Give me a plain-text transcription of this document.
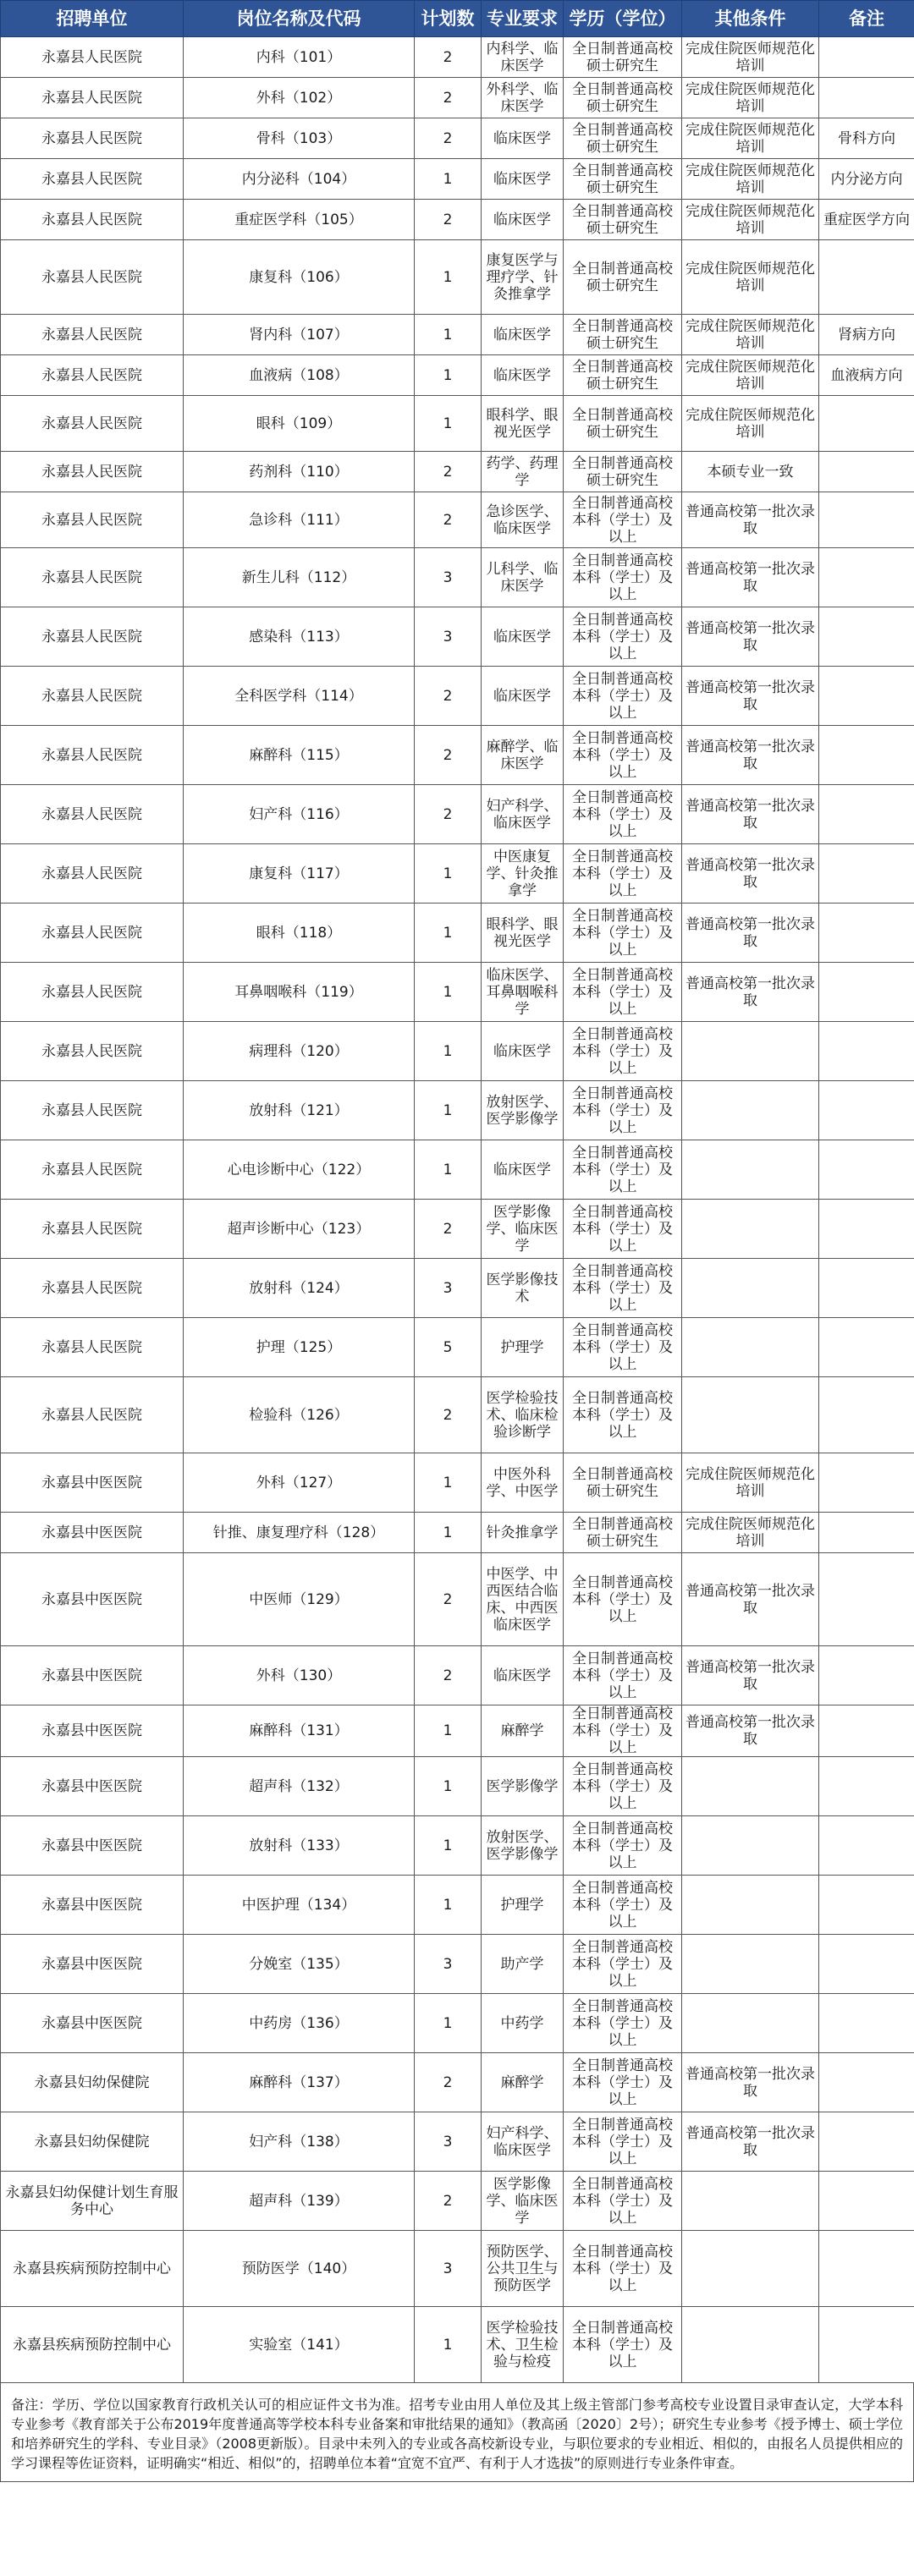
招聘单位	岗位名称及代码	计划数	专业要求	学历（学位）	其他条件	备注
永嘉县人民医院	内科（101）	2	内科学、临床医学	全日制普通高校硕士研究生	完成住院医师规范化培训	
永嘉县人民医院	外科（102）	2	外科学、临床医学	全日制普通高校硕士研究生	完成住院医师规范化培训	
永嘉县人民医院	骨科（103）	2	临床医学	全日制普通高校硕士研究生	完成住院医师规范化培训	骨科方向
永嘉县人民医院	内分泌科（104）	1	临床医学	全日制普通高校硕士研究生	完成住院医师规范化培训	内分泌方向
永嘉县人民医院	重症医学科（105）	2	临床医学	全日制普通高校硕士研究生	完成住院医师规范化培训	重症医学方向
永嘉县人民医院	康复科（106）	1	康复医学与理疗学、针灸推拿学	全日制普通高校硕士研究生	完成住院医师规范化培训	
永嘉县人民医院	肾内科（107）	1	临床医学	全日制普通高校硕士研究生	完成住院医师规范化培训	肾病方向
永嘉县人民医院	血液病（108）	1	临床医学	全日制普通高校硕士研究生	完成住院医师规范化培训	血液病方向
永嘉县人民医院	眼科（109）	1	眼科学、眼视光医学	全日制普通高校硕士研究生	完成住院医师规范化培训	
永嘉县人民医院	药剂科（110）	2	药学、药理学	全日制普通高校硕士研究生	本硕专业一致	
永嘉县人民医院	急诊科（111）	2	急诊医学、临床医学	全日制普通高校本科（学士）及以上	普通高校第一批次录取	
永嘉县人民医院	新生儿科（112）	3	儿科学、临床医学	全日制普通高校本科（学士）及以上	普通高校第一批次录取	
永嘉县人民医院	感染科（113）	3	临床医学	全日制普通高校本科（学士）及以上	普通高校第一批次录取	
永嘉县人民医院	全科医学科（114）	2	临床医学	全日制普通高校本科（学士）及以上	普通高校第一批次录取	
永嘉县人民医院	麻醉科（115）	2	麻醉学、临床医学	全日制普通高校本科（学士）及以上	普通高校第一批次录取	
永嘉县人民医院	妇产科（116）	2	妇产科学、临床医学	全日制普通高校本科（学士）及以上	普通高校第一批次录取	
永嘉县人民医院	康复科（117）	1	中医康复学、针灸推拿学	全日制普通高校本科（学士）及以上	普通高校第一批次录取	
永嘉县人民医院	眼科（118）	1	眼科学、眼视光医学	全日制普通高校本科（学士）及以上	普通高校第一批次录取	
永嘉县人民医院	耳鼻咽喉科（119）	1	临床医学、耳鼻咽喉科学	全日制普通高校本科（学士）及以上	普通高校第一批次录取	
永嘉县人民医院	病理科（120）	1	临床医学	全日制普通高校本科（学士）及以上		
永嘉县人民医院	放射科（121）	1	放射医学、医学影像学	全日制普通高校本科（学士）及以上		
永嘉县人民医院	心电诊断中心（122）	1	临床医学	全日制普通高校本科（学士）及以上		
永嘉县人民医院	超声诊断中心（123）	2	医学影像学、临床医学	全日制普通高校本科（学士）及以上		
永嘉县人民医院	放射科（124）	3	医学影像技术	全日制普通高校本科（学士）及以上		
永嘉县人民医院	护理（125）	5	护理学	全日制普通高校本科（学士）及以上		
永嘉县人民医院	检验科（126）	2	医学检验技术、临床检验诊断学	全日制普通高校本科（学士）及以上		
永嘉县中医医院	外科（127）	1	中医外科学、中医学	全日制普通高校硕士研究生	完成住院医师规范化培训	
永嘉县中医医院	针推、康复理疗科（128）	1	针灸推拿学	全日制普通高校硕士研究生	完成住院医师规范化培训	
永嘉县中医医院	中医师（129）	2	中医学、中西医结合临床、中西医临床医学	全日制普通高校本科（学士）及以上	普通高校第一批次录取	
永嘉县中医医院	外科（130）	2	临床医学	全日制普通高校本科（学士）及以上	普通高校第一批次录取	
永嘉县中医医院	麻醉科（131）	1	麻醉学	全日制普通高校本科（学士）及以上	普通高校第一批次录取	
永嘉县中医医院	超声科（132）	1	医学影像学	全日制普通高校本科（学士）及以上		
永嘉县中医医院	放射科（133）	1	放射医学、医学影像学	全日制普通高校本科（学士）及以上		
永嘉县中医医院	中医护理（134）	1	护理学	全日制普通高校本科（学士）及以上		
永嘉县中医医院	分娩室（135）	3	助产学	全日制普通高校本科（学士）及以上		
永嘉县中医医院	中药房（136）	1	中药学	全日制普通高校本科（学士）及以上		
永嘉县妇幼保健院	麻醉科（137）	2	麻醉学	全日制普通高校本科（学士）及以上	普通高校第一批次录取	
永嘉县妇幼保健院	妇产科（138）	3	妇产科学、临床医学	全日制普通高校本科（学士）及以上	普通高校第一批次录取	
永嘉县妇幼保健计划生育服务中心	超声科（139）	2	医学影像学、临床医学	全日制普通高校本科（学士）及以上		
永嘉县疾病预防控制中心	预防医学（140）	3	预防医学、公共卫生与预防医学	全日制普通高校本科（学士）及以上		
永嘉县疾病预防控制中心	实验室（141）	1	医学检验技术、卫生检验与检疫	全日制普通高校本科（学士）及以上		
备注：学历、学位以国家教育行政机关认可的相应证件文书为准。招考专业由用人单位及其上级主管部门参考高校专业设置目录审查认定，大学本科专业参考《教育部关于公布2019年度普通高等学校本科专业备案和审批结果的通知》（教高函〔2020〕2号）；研究生专业参考《授予博士、硕士学位和培养研究生的学科、专业目录》（2008更新版）。目录中未列入的专业或各高校新设专业，与职位要求的专业相近、相似的，由报名人员提供相应的学习课程等佐证资料，证明确实“相近、相似”的，招聘单位本着“宜宽不宜严、有利于人才选拔”的原则进行专业条件审查。
